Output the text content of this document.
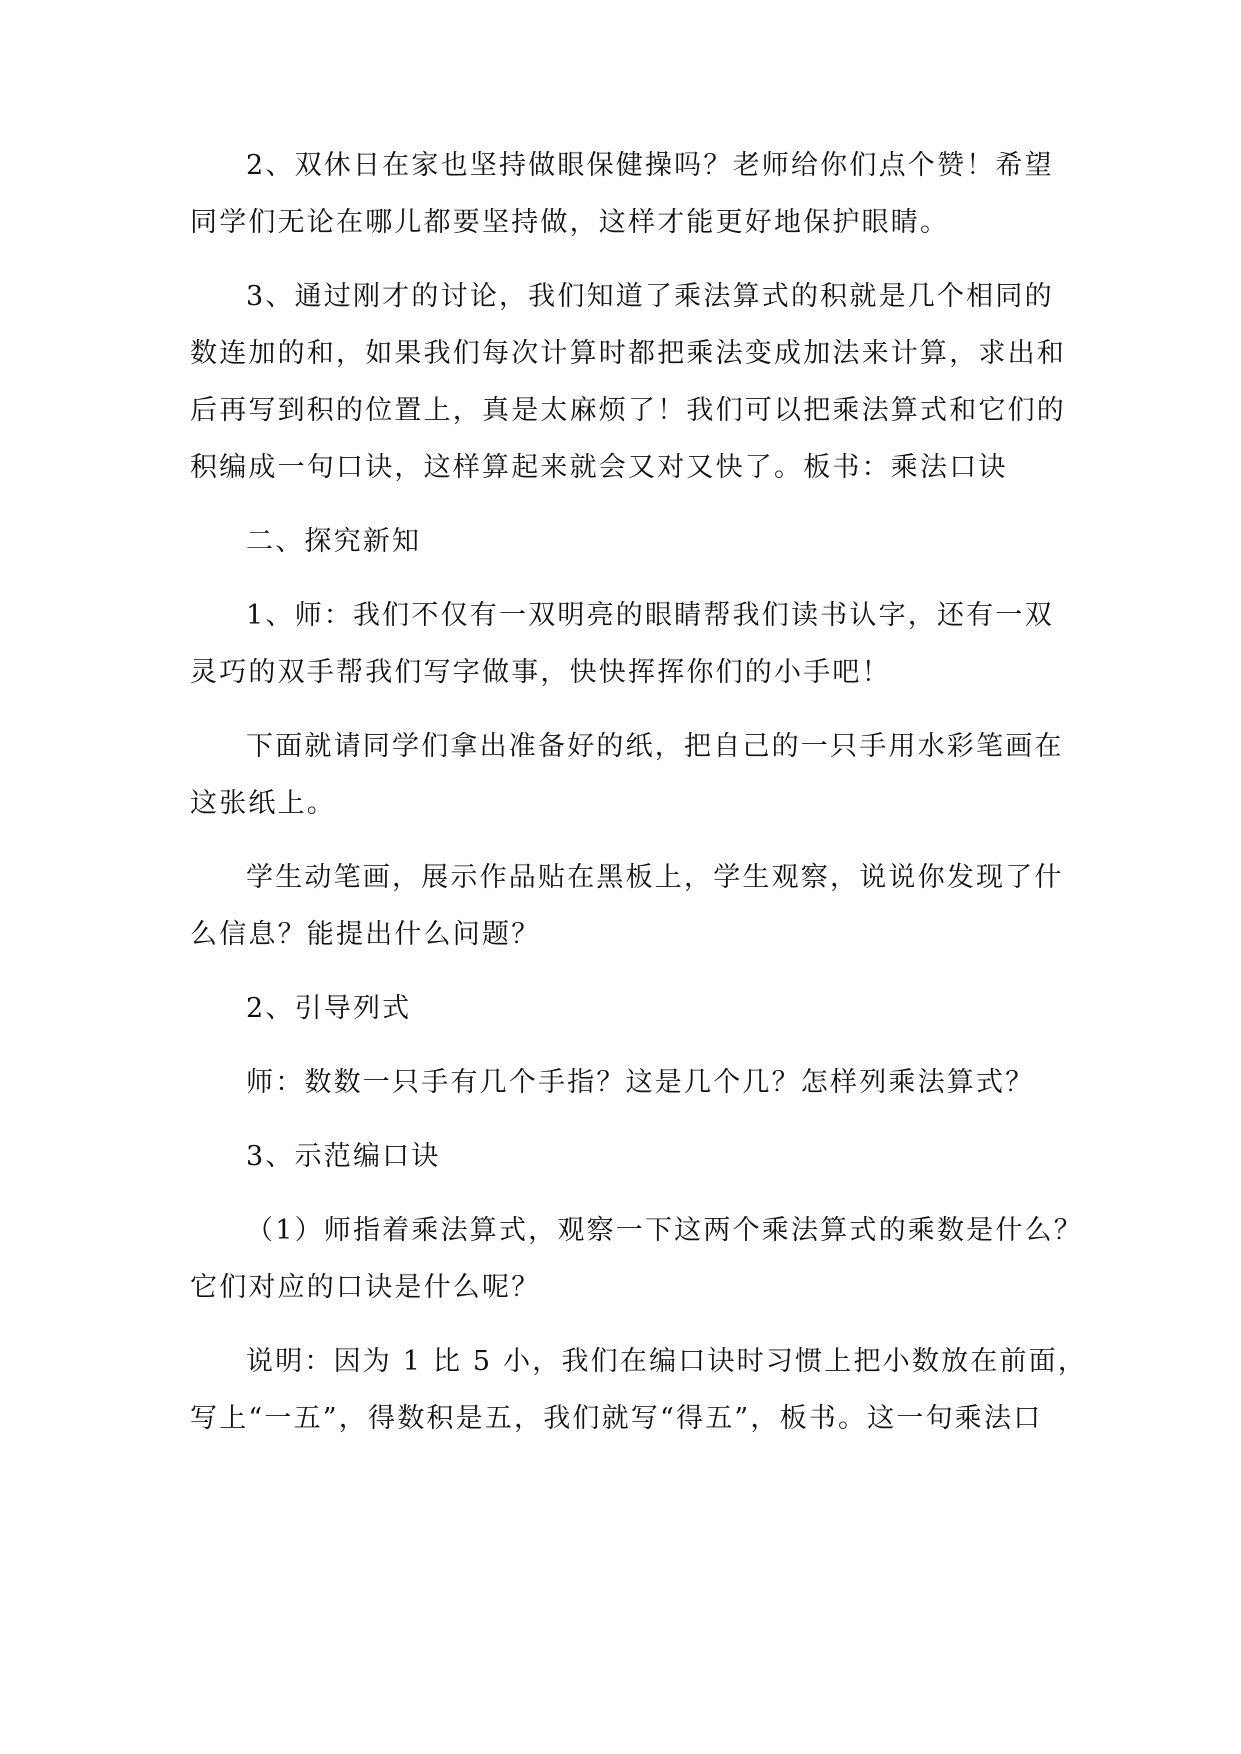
2、双休日在家也坚持做眼保健操吗？老师给你们点个赞！希望

同学们无论在哪儿都要坚持做，这样才能更好地保护眼睛。

3、通过刚才的讨论，我们知道了乘法算式的积就是几个相同的

数连加的和，如果我们每次计算时都把乘法变成加法来计算，求出和

后再写到积的位置上，真是太麻烦了！我们可以把乘法算式和它们的

积编成一句口诀，这样算起来就会又对又快了。板书：乘法口诀

二、探究新知

1、师：我们不仅有一双明亮的眼睛帮我们读书认字，还有一双

灵巧的双手帮我们写字做事，快快挥挥你们的小手吧！

下面就请同学们拿出准备好的纸，把自己的一只手用水彩笔画在

这张纸上。

学生动笔画，展示作品贴在黑板上，学生观察，说说你发现了什

么信息？能提出什么问题？

2、引导列式

师：数数一只手有几个手指？这是几个几？怎样列乘法算式？

3、示范编口诀

（1）师指着乘法算式，观察一下这两个乘法算式的乘数是什么？

它们对应的口诀是什么呢？

说明：因为 1 比 5 小，我们在编口诀时习惯上把小数放在前面，

写上“一五”，得数积是五，我们就写“得五”，板书。这一句乘法口
